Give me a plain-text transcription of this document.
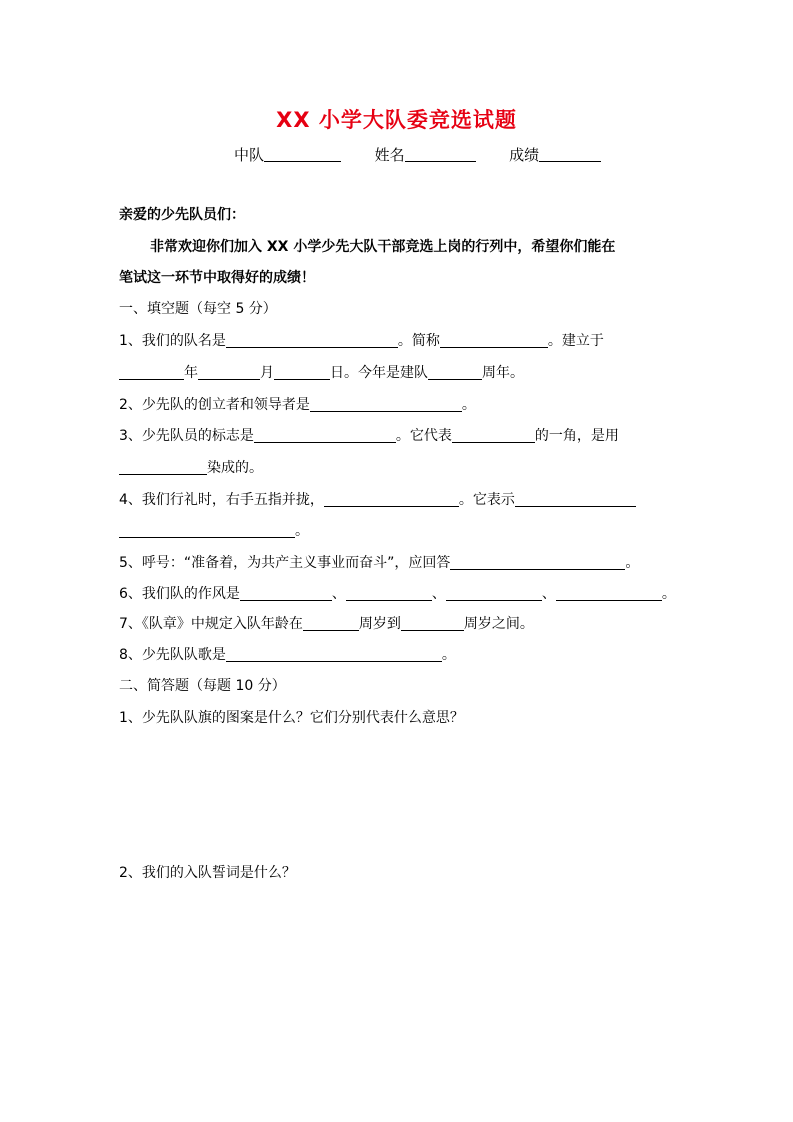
XX 小学大队委竞选试题
中队	姓名	成绩
亲爱的少先队员们：
非常欢迎你们加入 XX 小学少先大队干部竞选上岗的行列中，希望你们能在
笔试这一环节中取得好的成绩！
一、填空题（每空 5 分）
1、我们的队名是	。简称	。建立于
年	月	日。今年是建队	周年。
2、少先队的创立者和领导者是	。
3、少先队员的标志是	。它代表	的一角，是用
染成的。
4、我们行礼时，右手五指并拢，	。它表示
。
5、呼号：“准备着，为共产主义事业而奋斗”，应回答	。
6、我们队的作风是	、	、	、	。
7、《队章》中规定入队年龄在	周岁到	周岁之间。
8、少先队队歌是	。
二、简答题（每题 10 分）
1、少先队队旗的图案是什么？它们分别代表什么意思？
2、我们的入队誓词是什么？
